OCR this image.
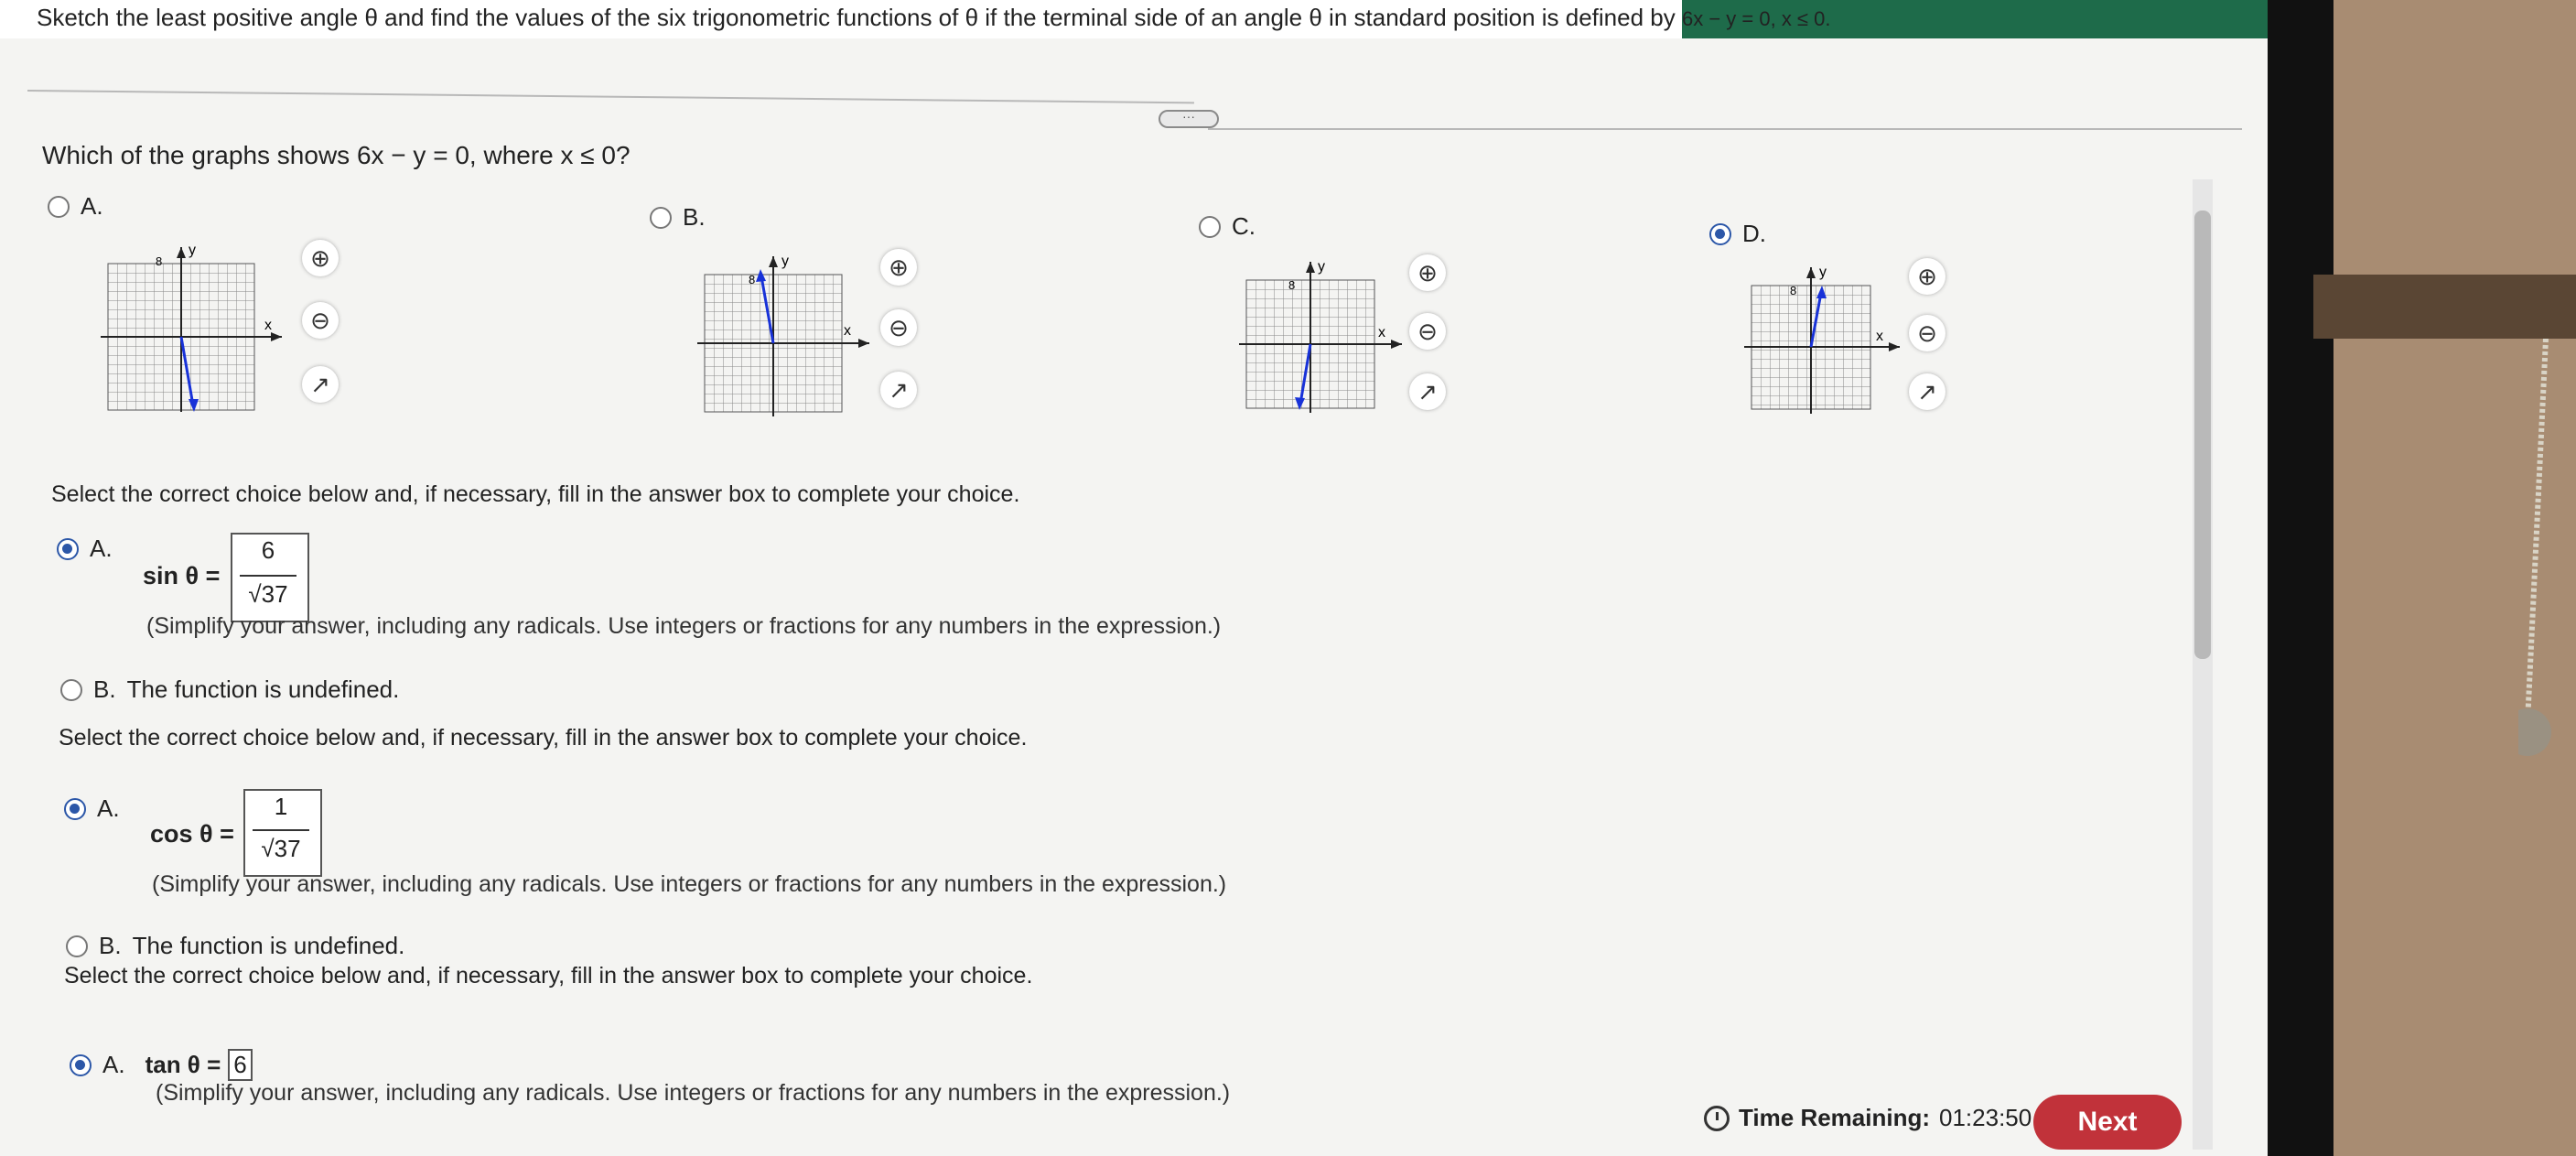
Sketch the least positive angle θ and find the values of the six trigonometric functions of θ if the terminal side of an angle θ in standard position is defined by 6x − y = 0, x ≤ 0.
···
Which of the graphs shows 6x − y = 0, where x ≤ 0?
A.	B.	C.	D.
x
y
8	⊕
⊖
↗
x
y
8	⊕
⊖
↗
x
y
8	⊕
⊖
↗
x
y
8
⊕
⊖
↗
Select the correct choice below and, if necessary, fill in the answer box to complete your choice.
A.
sin θ =
6
√37
(Simplify your answer, including any radicals. Use integers or fractions for any numbers in the expression.)
B. The function is undefined.
Select the correct choice below and, if necessary, fill in the answer box to complete your choice.
A.
cos θ =
1
√37
(Simplify your answer, including any radicals. Use integers or fractions for any numbers in the expression.)
B. The function is undefined.
Select the correct choice below and, if necessary, fill in the answer box to complete your choice.
A. tan θ = 6
(Simplify your answer, including any radicals. Use integers or fractions for any numbers in the expression.)
Time Remaining: 01:23:50	Next
